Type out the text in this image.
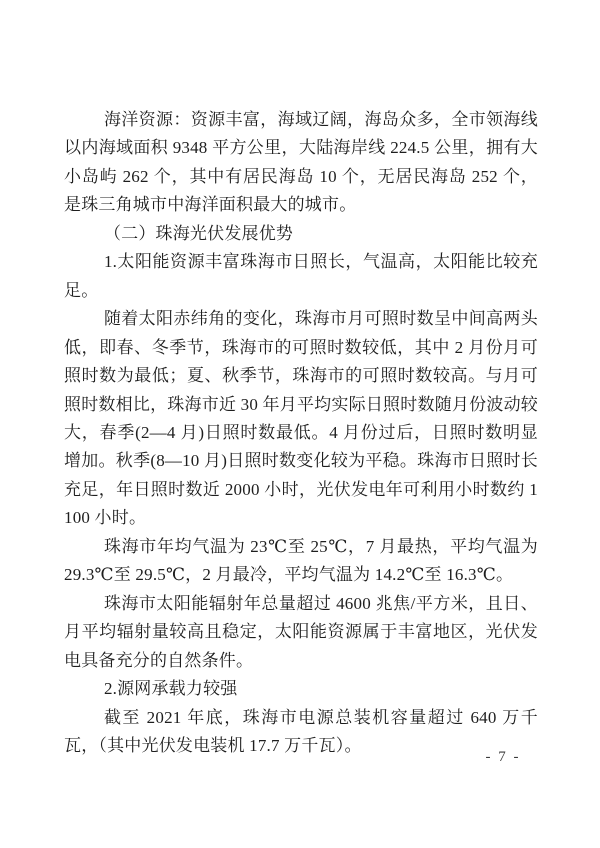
海洋资源：资源丰富，海域辽阔，海岛众多，全市领海线以内海域面积 9348 平方公里，大陆海岸线 224.5 公里，拥有大小岛屿 262 个，其中有居民海岛 10 个，无居民海岛 252 个，是珠三角城市中海洋面积最大的城市。

（二）珠海光伏发展优势

1.太阳能资源丰富珠海市日照长，气温高，太阳能比较充足。

随着太阳赤纬角的变化，珠海市月可照时数呈中间高两头低，即春、冬季节，珠海市的可照时数较低，其中 2 月份月可照时数为最低；夏、秋季节，珠海市的可照时数较高。与月可照时数相比，珠海市近 30 年月平均实际日照时数随月份波动较大，春季(2—4 月)日照时数最低。4 月份过后，日照时数明显增加。秋季(8—10 月)日照时数变化较为平稳。珠海市日照时长充足，年日照时数近 2000 小时，光伏发电年可利用小时数约 1100 小时。

珠海市年均气温为 23℃至 25℃，7 月最热，平均气温为 29.3℃至 29.5℃，2 月最冷，平均气温为 14.2℃至 16.3℃。

珠海市太阳能辐射年总量超过 4600 兆焦/平方米，且日、月平均辐射量较高且稳定，太阳能资源属于丰富地区，光伏发电具备充分的自然条件。

2.源网承载力较强

截至 2021 年底，珠海市电源总装机容量超过 640 万千瓦，（其中光伏发电装机 17.7 万千瓦）。

- 7 -
